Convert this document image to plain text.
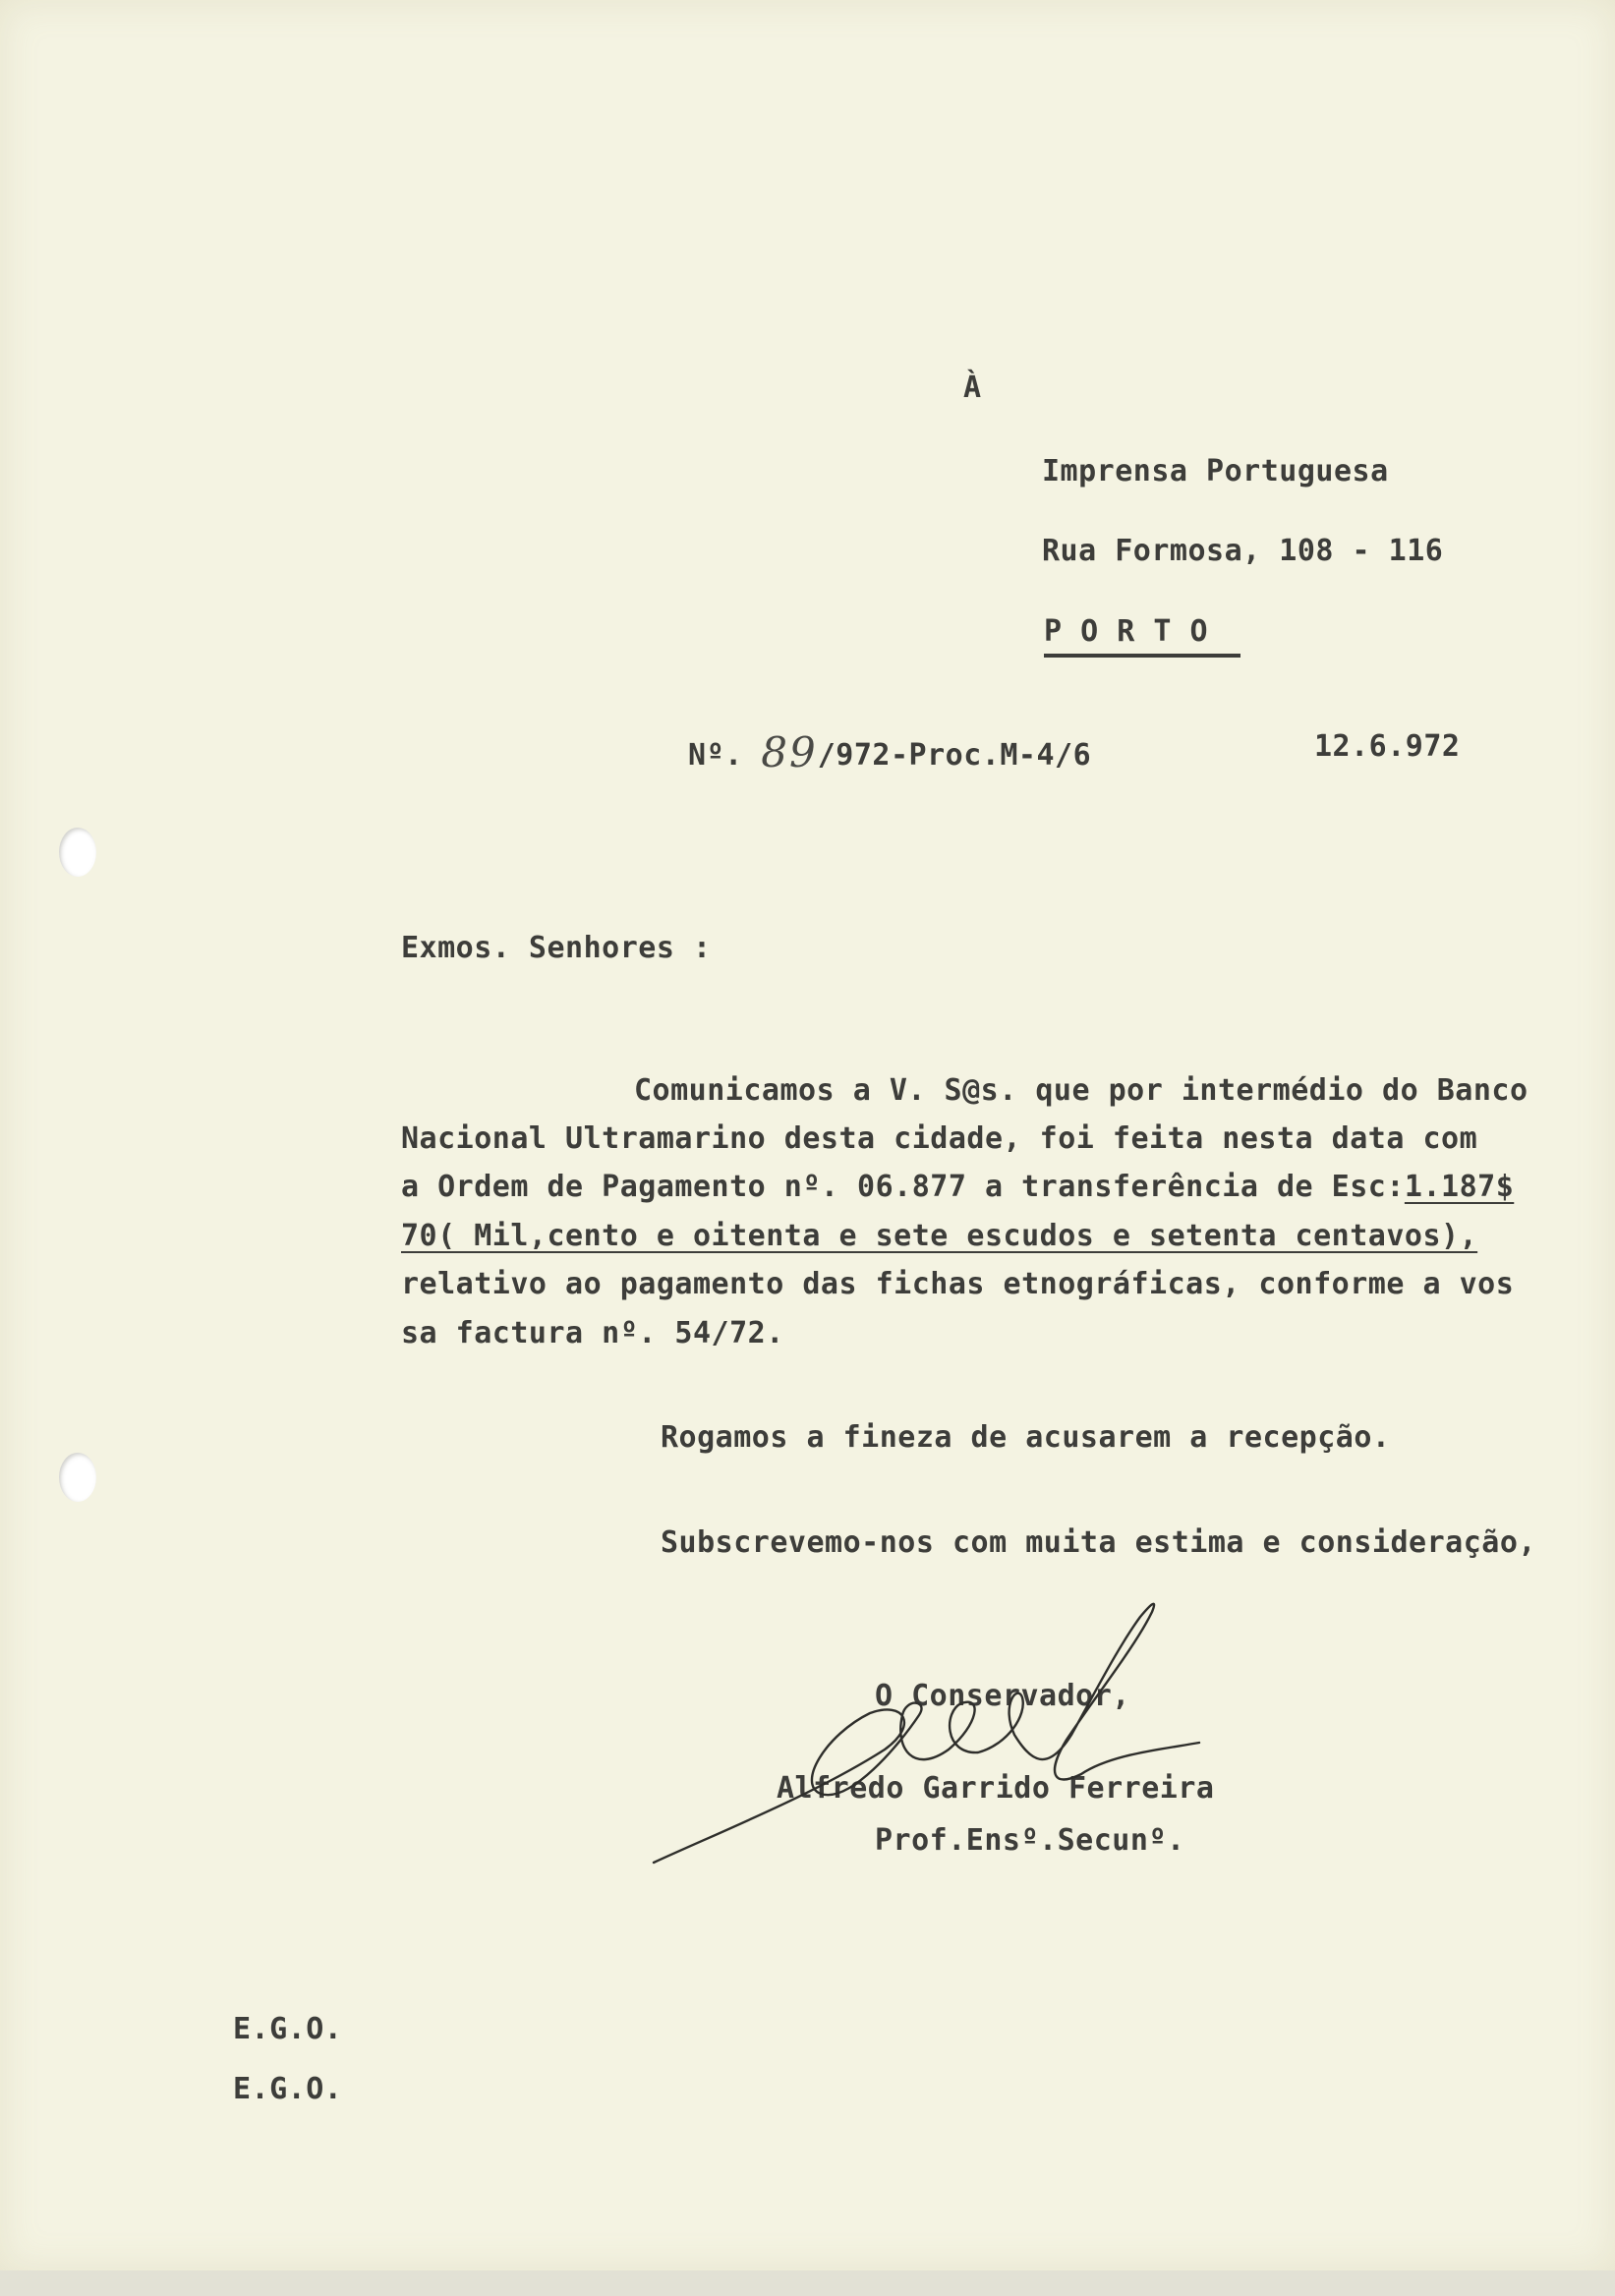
À
Imprensa Portuguesa
Rua Formosa, 108 - 116
P O R T O
Nº. 89/972-Proc.M-4/6	12.6.972
Exmos. Senhores :
Comunicamos a V. S@s. que por intermédio do Banco
Nacional Ultramarino desta cidade, foi feita nesta data com
a Ordem de Pagamento nº. 06.877 a transferência de Esc:1.187$
70( Mil,cento e oitenta e sete escudos e setenta centavos),
relativo ao pagamento das fichas etnográficas, conforme a vos
sa factura nº. 54/72.
Rogamos a fineza de acusarem a recepção.
Subscrevemo-nos com muita estima e consideração,
O Conservador,
Alfredo Garrido Ferreira
Prof.Ensº.Secunº.
E.G.O.
E.G.O.
